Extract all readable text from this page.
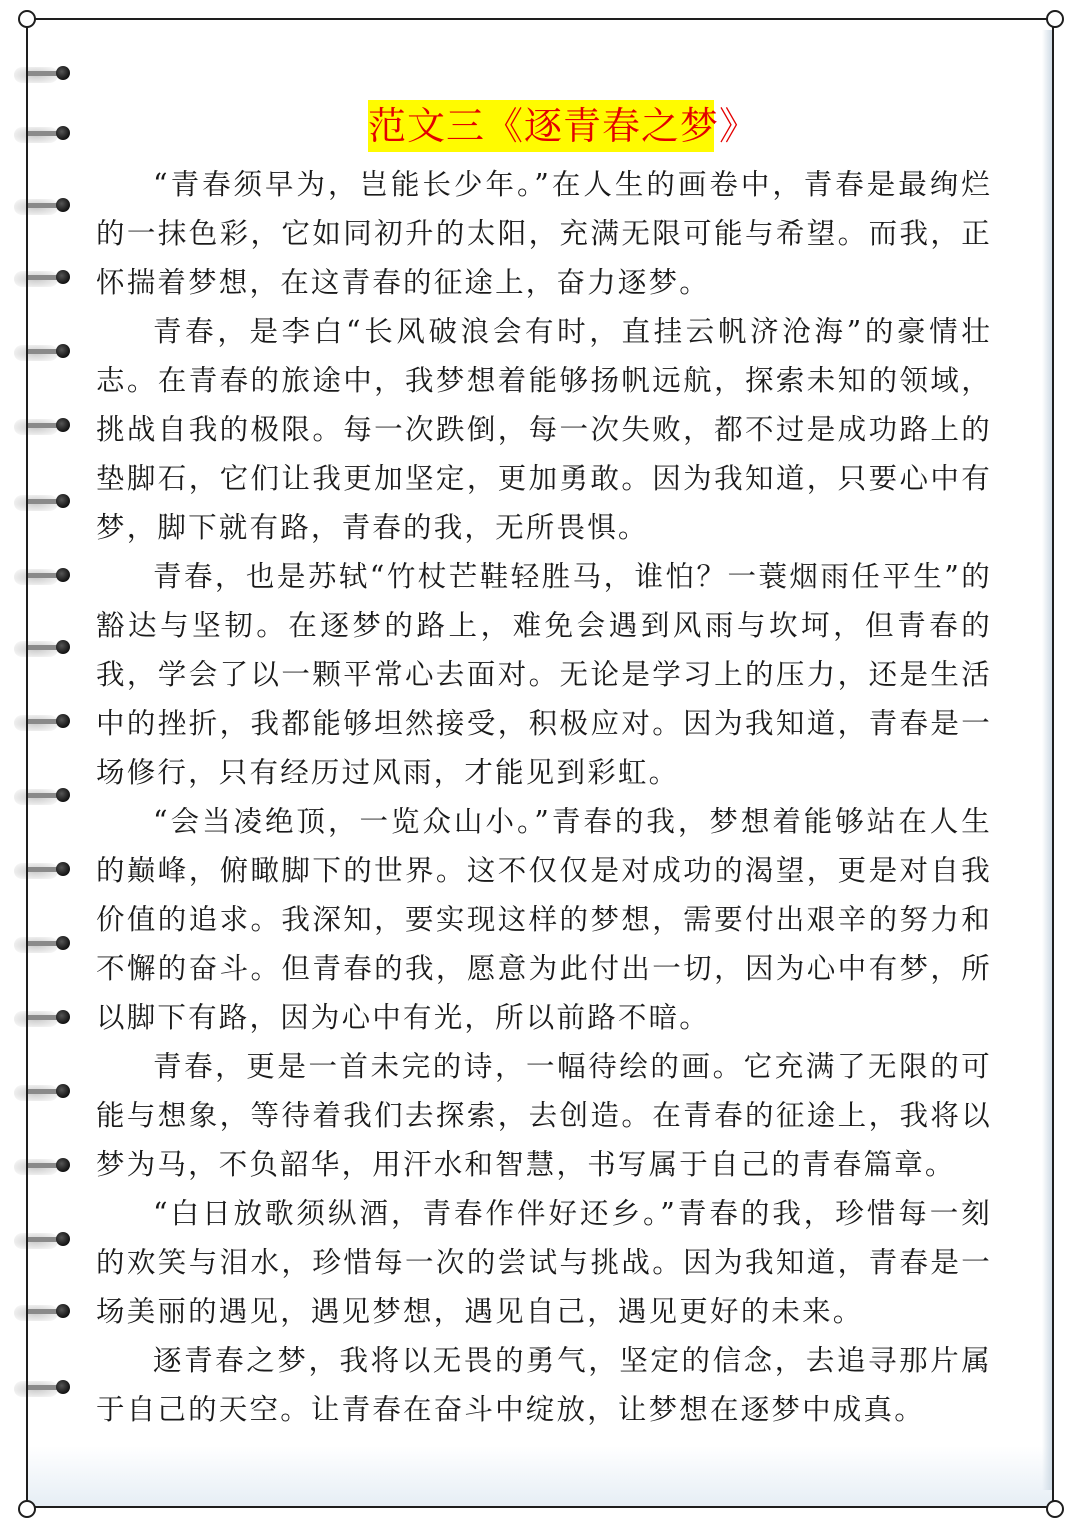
范文三《逐青春之梦》

“青春须早为，岂能长少年。”在人生的画卷中，青春是最绚烂的一抹色彩，它如同初升的太阳，充满无限可能与希望。而我，正怀揣着梦想，在这青春的征途上，奋力逐梦。

青春，是李白“长风破浪会有时，直挂云帆济沧海”的豪情壮志。在青春的旅途中，我梦想着能够扬帆远航，探索未知的领域，挑战自我的极限。每一次跌倒，每一次失败，都不过是成功路上的垫脚石，它们让我更加坚定，更加勇敢。因为我知道，只要心中有梦，脚下就有路，青春的我，无所畏惧。

青春，也是苏轼“竹杖芒鞋轻胜马，谁怕？一蓑烟雨任平生”的豁达与坚韧。在逐梦的路上，难免会遇到风雨与坎坷，但青春的我，学会了以一颗平常心去面对。无论是学习上的压力，还是生活中的挫折，我都能够坦然接受，积极应对。因为我知道，青春是一场修行，只有经历过风雨，才能见到彩虹。

“会当凌绝顶，一览众山小。”青春的我，梦想着能够站在人生的巅峰，俯瞰脚下的世界。这不仅仅是对成功的渴望，更是对自我价值的追求。我深知，要实现这样的梦想，需要付出艰辛的努力和不懈的奋斗。但青春的我，愿意为此付出一切，因为心中有梦，所以脚下有路，因为心中有光，所以前路不暗。

青春，更是一首未完的诗，一幅待绘的画。它充满了无限的可能与想象，等待着我们去探索，去创造。在青春的征途上，我将以梦为马，不负韶华，用汗水和智慧，书写属于自己的青春篇章。

“白日放歌须纵酒，青春作伴好还乡。”青春的我，珍惜每一刻的欢笑与泪水，珍惜每一次的尝试与挑战。因为我知道，青春是一场美丽的遇见，遇见梦想，遇见自己，遇见更好的未来。

逐青春之梦，我将以无畏的勇气，坚定的信念，去追寻那片属于自己的天空。让青春在奋斗中绽放，让梦想在逐梦中成真。
